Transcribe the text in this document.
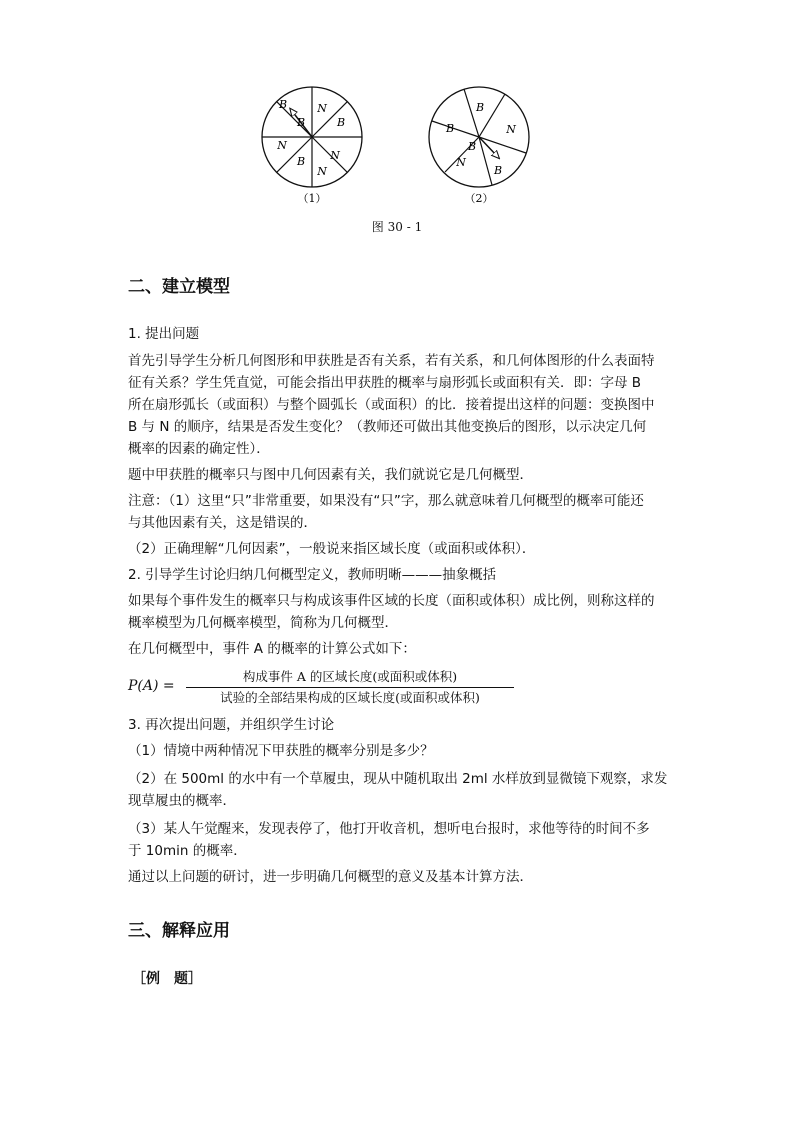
B	N
B
B
N
N
B
N
（1）
B
B	N
B
N
B
（2）
图 30 - 1
二、建立模型
1. 提出问题
首先引导学生分析几何图形和甲获胜是否有关系，若有关系，和几何体图形的什么表面特
征有关系？学生凭直觉，可能会指出甲获胜的概率与扇形弧长或面积有关．即：字母 B
所在扇形弧长（或面积）与整个圆弧长（或面积）的比．接着提出这样的问题：变换图中
B 与 N 的顺序，结果是否发生变化？（教师还可做出其他变换后的图形，以示决定几何
概率的因素的确定性）．
题中甲获胜的概率只与图中几何因素有关，我们就说它是几何概型．
注意：（1）这里“只”非常重要，如果没有“只”字，那么就意味着几何概型的概率可能还
与其他因素有关，这是错误的．
（2）正确理解“几何因素”，一般说来指区域长度（或面积或体积）．
2. 引导学生讨论归纳几何概型定义，教师明晰———抽象概括
如果每个事件发生的概率只与构成该事件区域的长度（面积或体积）成比例，则称这样的
概率模型为几何概率模型，简称为几何概型．
在几何概型中，事件 A 的概率的计算公式如下：
P(A) =
构成事件 A 的区域长度(或面积或体积)
试验的全部结果构成的区域长度(或面积或体积)
3. 再次提出问题，并组织学生讨论
（1）情境中两种情况下甲获胜的概率分别是多少？
（2）在 500ml 的水中有一个草履虫，现从中随机取出 2ml 水样放到显微镜下观察，求发
现草履虫的概率．
（3）某人午觉醒来，发现表停了，他打开收音机，想听电台报时，求他等待的时间不多
于 10min 的概率．
通过以上问题的研讨，进一步明确几何概型的意义及基本计算方法．
三、解释应用
［例　题］
